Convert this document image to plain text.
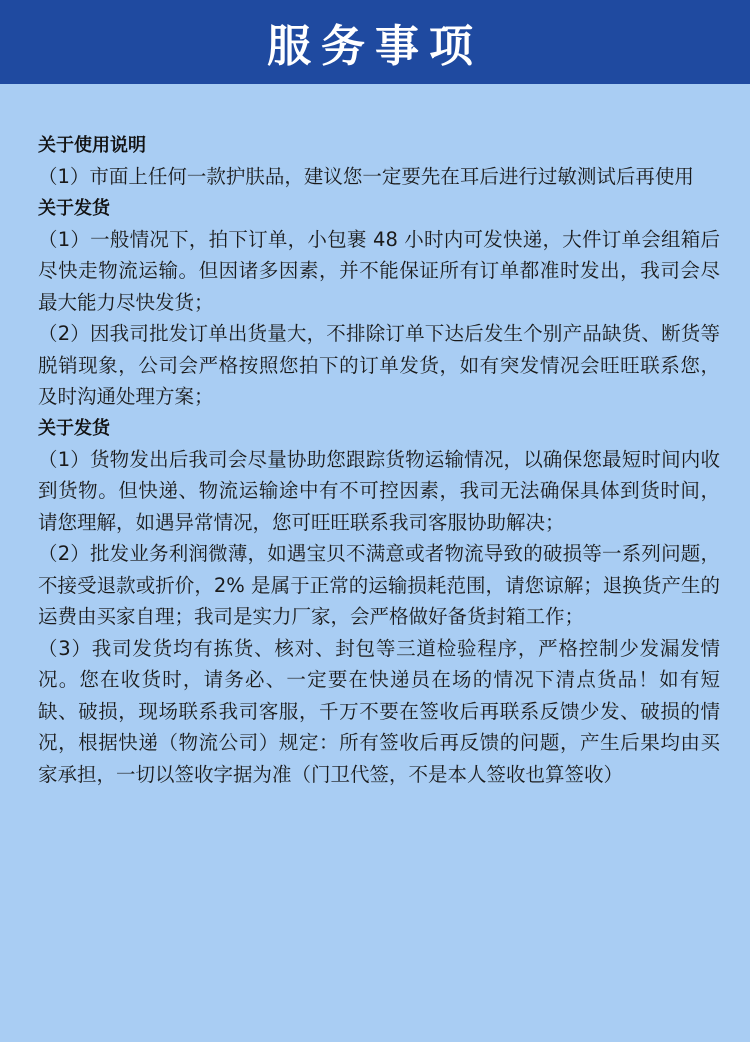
服务事项
关于使用说明
（1）市面上任何一款护肤品，建议您一定要先在耳后进行过敏测试后再使用
关于发货
（1）一般情况下，拍下订单，小包裹 48 小时内可发快递，大件订单会组箱后尽快走物流运输。但因诸多因素，并不能保证所有订单都准时发出，我司会尽最大能力尽快发货；
（2）因我司批发订单出货量大，不排除订单下达后发生个别产品缺货、断货等脱销现象，公司会严格按照您拍下的订单发货，如有突发情况会旺旺联系您，及时沟通处理方案；
关于发货
（1）货物发出后我司会尽量协助您跟踪货物运输情况，以确保您最短时间内收到货物。但快递、物流运输途中有不可控因素，我司无法确保具体到货时间，请您理解，如遇异常情况，您可旺旺联系我司客服协助解决；
（2）批发业务利润微薄，如遇宝贝不满意或者物流导致的破损等一系列问题，不接受退款或折价，2% 是属于正常的运输损耗范围，请您谅解；退换货产生的运费由买家自理；我司是实力厂家，会严格做好备货封箱工作；
（3）我司发货均有拣货、核对、封包等三道检验程序，严格控制少发漏发情况。您在收货时，请务必、一定要在快递员在场的情况下清点货品！如有短缺、破损，现场联系我司客服，千万不要在签收后再联系反馈少发、破损的情况，根据快递（物流公司）规定：所有签收后再反馈的问题，产生后果均由买家承担，一切以签收字据为准（门卫代签，不是本人签收也算签收）
